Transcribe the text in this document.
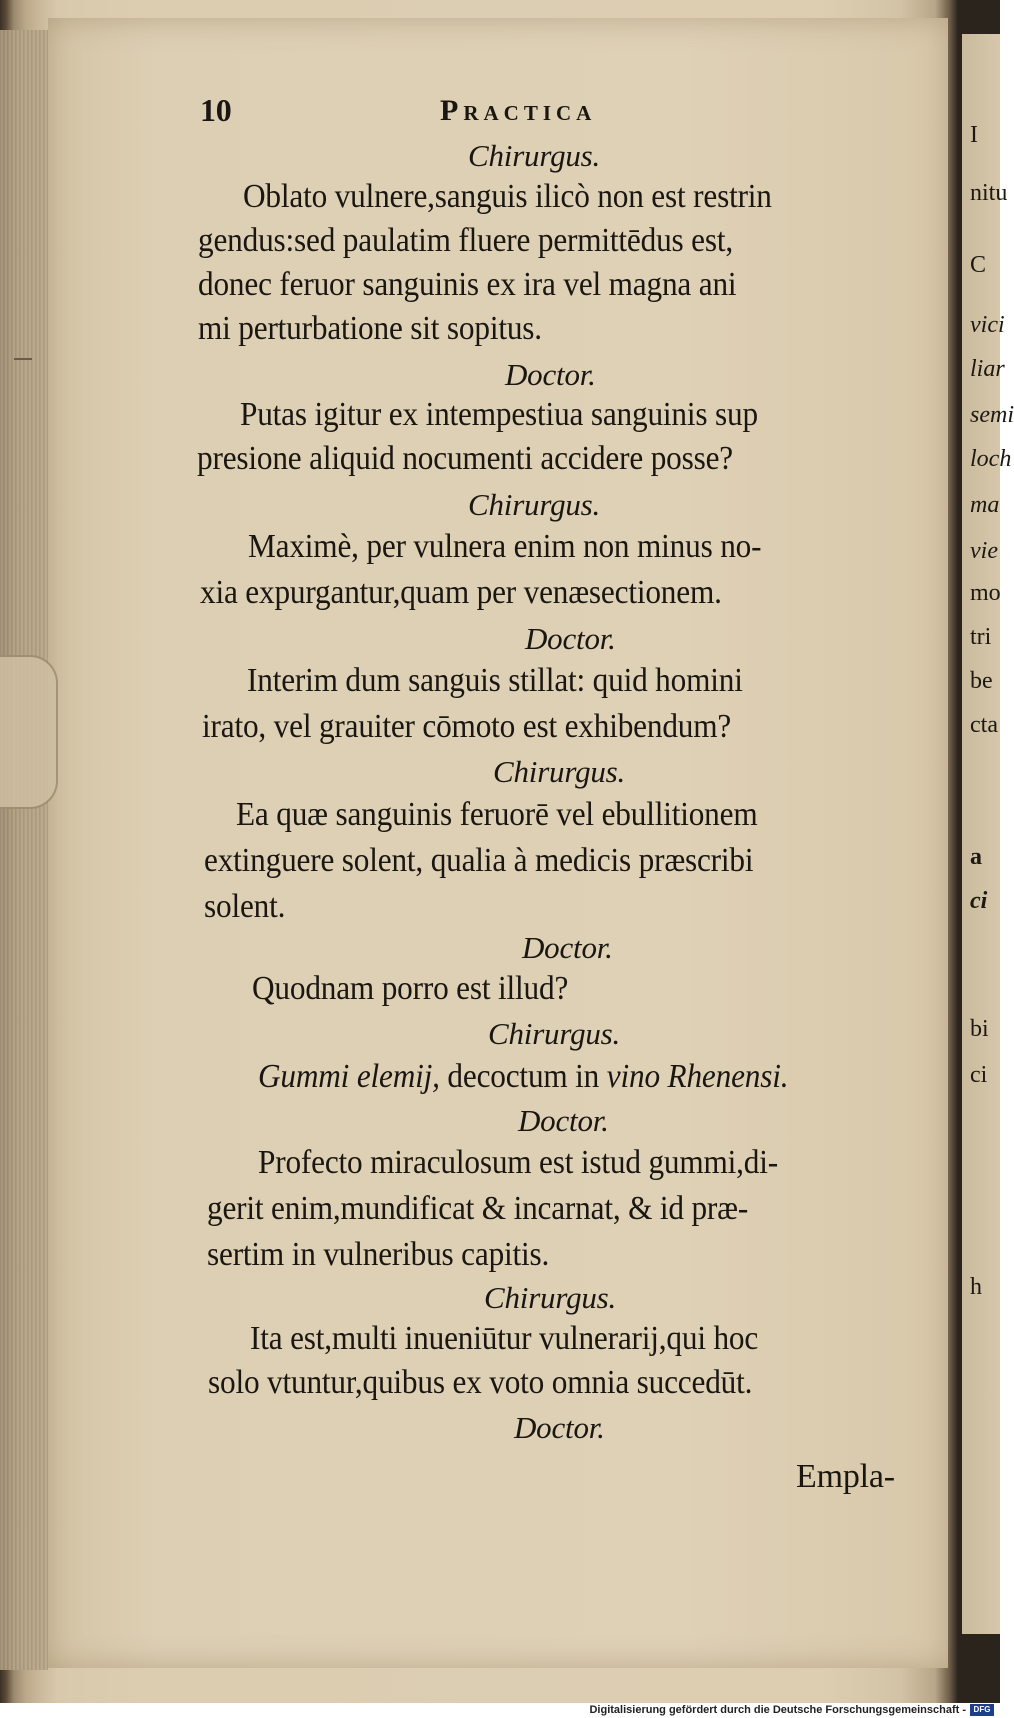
10	Practica
Chirurgus.
Oblato vulnere,sanguis ilicò non est restrin
gendus:sed paulatim fluere permittēdus est,
donec feruor sanguinis ex ira vel magna ani
mi perturbatione sit sopitus.
Doctor.
Putas igitur ex intempestiua sanguinis sup
presione aliquid nocumenti accidere posse?
Chirurgus.
Maximè, per vulnera enim non minus no-
xia expurgantur,quam per venæsectionem.
Doctor.
Interim dum sanguis stillat: quid homini
irato, vel grauiter cōmoto est exhibendum?
Chirurgus.
Ea quæ sanguinis feruorē vel ebullitionem
extinguere solent, qualia à medicis præscribi
solent.
Doctor.
Quodnam porro est illud?
Chirurgus.
Gummi elemij, decoctum in vino Rhenensi.
Doctor.
Profecto miraculosum est istud gummi,di-
gerit enim,mundificat & incarnat, & id præ-
sertim in vulneribus capitis.
Chirurgus.
Ita est,multi inueniūtur vulnerarij,qui hoc
solo vtuntur,quibus ex voto omnia succedūt.
Doctor.
Empla-
I
nitu
C
vici
liar
semi
loch
ma
vie
mo
tri
be
cta
a
ci
bi
ci
h
Digitalisierung gefördert durch die Deutsche Forschungsgemeinschaft - DFG
